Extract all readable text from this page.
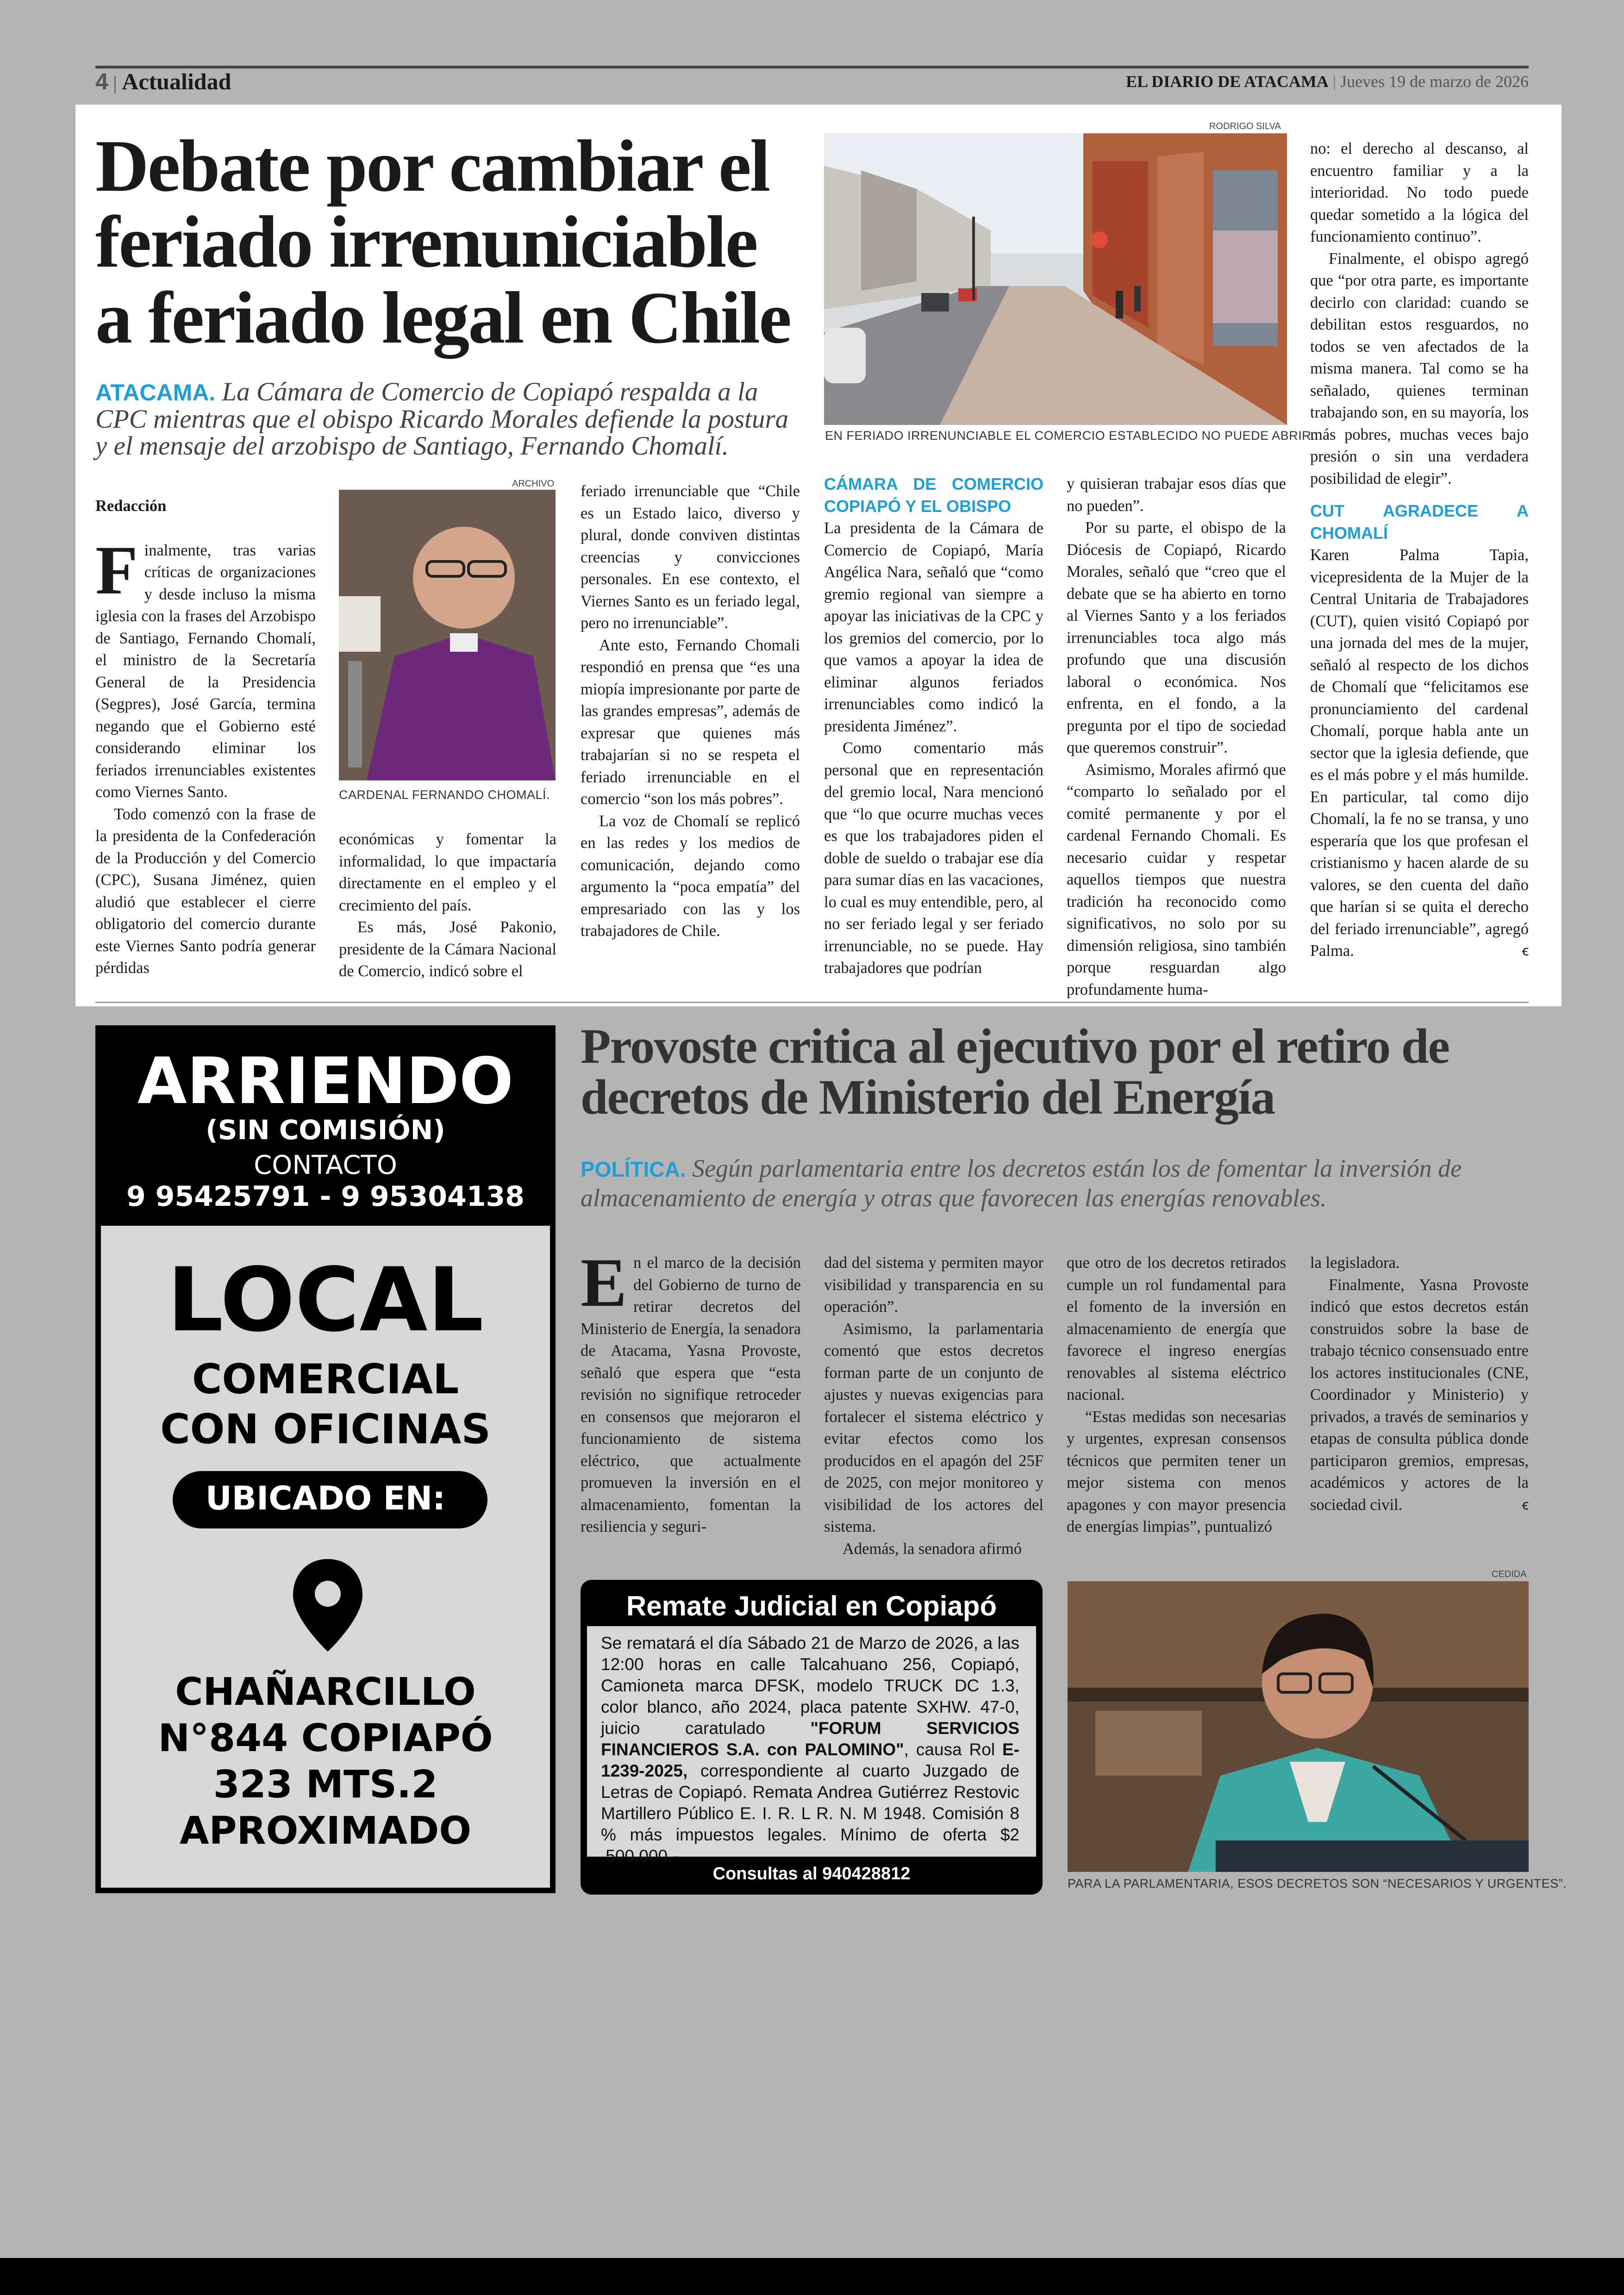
4 | Actualidad	EL DIARIO DE ATACAMA | Jueves 19 de marzo de 2026
Debate por cambiar el feriado irrenuniciable a feriado legal en Chile
ATACAMA. La Cámara de Comercio de Copiapó respalda a la CPC mientras que el obispo Ricardo Morales defiende la postura y el mensaje del arzobispo de Santiago, Fernando Chomalí.
RODRIGO SILVA
EN FERIADO IRRENUNCIABLE EL COMERCIO ESTABLECIDO NO PUEDE ABRIR.
ARCHIVO
CARDENAL FERNANDO CHOMALÍ.

Redacción

Finalmente, tras varias críticas de organizaciones y desde incluso la misma iglesia con la frases del Arzobispo de Santiago, Fernando Chomalí, el ministro de la Secretaría General de la Presidencia (Segpres), José García, termina negando que el Gobierno esté considerando eliminar los feriados irrenunciables existentes como Viernes Santo.

Todo comenzó con la frase de la presidenta de la Confederación de la Producción y del Comercio (CPC), Susana Jiménez, quien aludió que establecer el cierre obligatorio del comercio durante este Viernes Santo podría generar pérdidas

económicas y fomentar la informalidad, lo que impactaría directamente en el empleo y el crecimiento del país.

Es más, José Pakonio, presidente de la Cámara Nacional de Comercio, indicó sobre el

feriado irrenunciable que “Chile es un Estado laico, diverso y plural, donde conviven distintas creencias y convicciones personales. En ese contexto, el Viernes Santo es un feriado legal, pero no irrenunciable”.

Ante esto, Fernando Chomali respondió en prensa que “es una miopía impresionante por parte de las grandes empresas”, además de expresar que quienes más trabajarían si no se respeta el feriado irrenunciable en el comercio “son los más pobres”.

La voz de Chomalí se replicó en las redes y los medios de comunicación, dejando como argumento la “poca empatía” del empresariado con las y los trabajadores de Chile.

CÁMARA DE COMERCIO COPIAPÓ Y EL OBISPO

La presidenta de la Cámara de Comercio de Copiapó, María Angélica Nara, señaló que “como gremio regional van siempre a apoyar las iniciativas de la CPC y los gremios del comercio, por lo que vamos a apoyar la idea de eliminar algunos feriados irrenunciables como indicó la presidenta Jiménez”.

Como comentario más personal que en representación del gremio local, Nara mencionó que “lo que ocurre muchas veces es que los trabajadores piden el doble de sueldo o trabajar ese día para sumar días en las vacaciones, lo cual es muy entendible, pero, al no ser feriado legal y ser feriado irrenunciable, no se puede. Hay trabajadores que podrían

y quisieran trabajar esos días que no pueden”.

Por su parte, el obispo de la Diócesis de Copiapó, Ricardo Morales, señaló que “creo que el debate que se ha abierto en torno al Viernes Santo y a los feriados irrenunciables toca algo más profundo que una discusión laboral o económica. Nos enfrenta, en el fondo, a la pregunta por el tipo de sociedad que queremos construir”.

Asimismo, Morales afirmó que “comparto lo señalado por el comité permanente y por el cardenal Fernando Chomali. Es necesario cuidar y respetar aquellos tiempos que nuestra tradición ha reconocido como significativos, no solo por su dimensión religiosa, sino también porque resguardan algo profundamente huma-

no: el derecho al descanso, al encuentro familiar y a la interioridad. No todo puede quedar sometido a la lógica del funcionamiento continuo”.

Finalmente, el obispo agregó que “por otra parte, es importante decirlo con claridad: cuando se debilitan estos resguardos, no todos se ven afectados de la misma manera. Tal como se ha señalado, quienes terminan trabajando son, en su mayoría, los más pobres, muchas veces bajo presión o sin una verdadera posibilidad de elegir”.

CUT AGRADECE A CHOMALÍ

Karen Palma Tapia, vicepresidenta de la Mujer de la Central Unitaria de Trabajadores (CUT), quien visitó Copiapó por una jornada del mes de la mujer, señaló al respecto de los dichos de Chomalí que “felicitamos ese pronunciamiento del cardenal Chomalí, porque habla ante un sector que la iglesia defiende, que es el más pobre y el más humilde. En particular, tal como dijo Chomalí, la fe no se transa, y uno esperaría que los que profesan el cristianismo y hacen alarde de su valores, se den cuenta del daño que harían si se quita el derecho del feriado irrenunciable”, agregó Palma.	ꞓ

ARRIENDO
(SIN COMISIÓN)
CONTACTO
9 95425791 - 9 95304138
LOCAL
COMERCIAL
CON OFICINAS
UBICADO EN:
CHAÑARCILLO
N°844 COPIAPÓ
323 MTS.2
APROXIMADO
Provoste critica al ejecutivo por el retiro de decretos de Ministerio del Energía
POLÍTICA. Según parlamentaria entre los decretos están los de fomentar la inversión de almacenamiento de energía y otras que favorecen las energías renovables.

En el marco de la decisión del Gobierno de turno de retirar decretos del Ministerio de Energía, la senadora de Atacama, Yasna Provoste, señaló que espera que “esta revisión no signifique retroceder en consensos que mejoraron el funcionamiento de sistema eléctrico, que actualmente promueven la inversión en el almacenamiento, fomentan la resiliencia y seguri-

dad del sistema y permiten mayor visibilidad y transparencia en su operación”.

Asimismo, la parlamentaria comentó que estos decretos forman parte de un conjunto de ajustes y nuevas exigencias para fortalecer el sistema eléctrico y evitar efectos como los producidos en el apagón del 25F de 2025, con mejor monitoreo y visibilidad de los actores del sistema.

Además, la senadora afirmó

que otro de los decretos retirados cumple un rol fundamental para el fomento de la inversión en almacenamiento de energía que favorece el ingreso energías renovables al sistema eléctrico nacional.

“Estas medidas son necesarias y urgentes, expresan consensos técnicos que permiten tener un mejor sistema con menos apagones y con mayor presencia de energías limpias”, puntualizó

la legisladora.

Finalmente, Yasna Provoste indicó que estos decretos están construidos sobre la base de trabajo técnico consensuado entre los actores institucionales (CNE, Coordinador y Ministerio) y privados, a través de seminarios y etapas de consulta pública donde participaron gremios, empresas, académicos y actores de la sociedad civil.	ꞓ

Remate Judicial en Copiapó
Se rematará el día Sábado 21 de Marzo de 2026, a las 12:00 horas en calle Talcahuano 256, Copiapó, Camioneta marca DFSK, modelo TRUCK DC 1.3, color blanco, año 2024, placa patente SXHW. 47-0, juicio caratulado "FORUM SERVICIOS FINANCIEROS S.A. con PALOMINO", causa Rol E-1239-2025, correspondiente al cuarto Juzgado de Letras de Copiapó. Remata Andrea Gutiérrez Restovic Martillero Público E. I. R. L R. N. M 1948. Comisión 8 % más impuestos legales. Mínimo de oferta $2 .500.000.-
Consultas al 940428812
CEDIDA
PARA LA PARLAMENTARIA, ESOS DECRETOS SON “NECESARIOS Y URGENTES”.
